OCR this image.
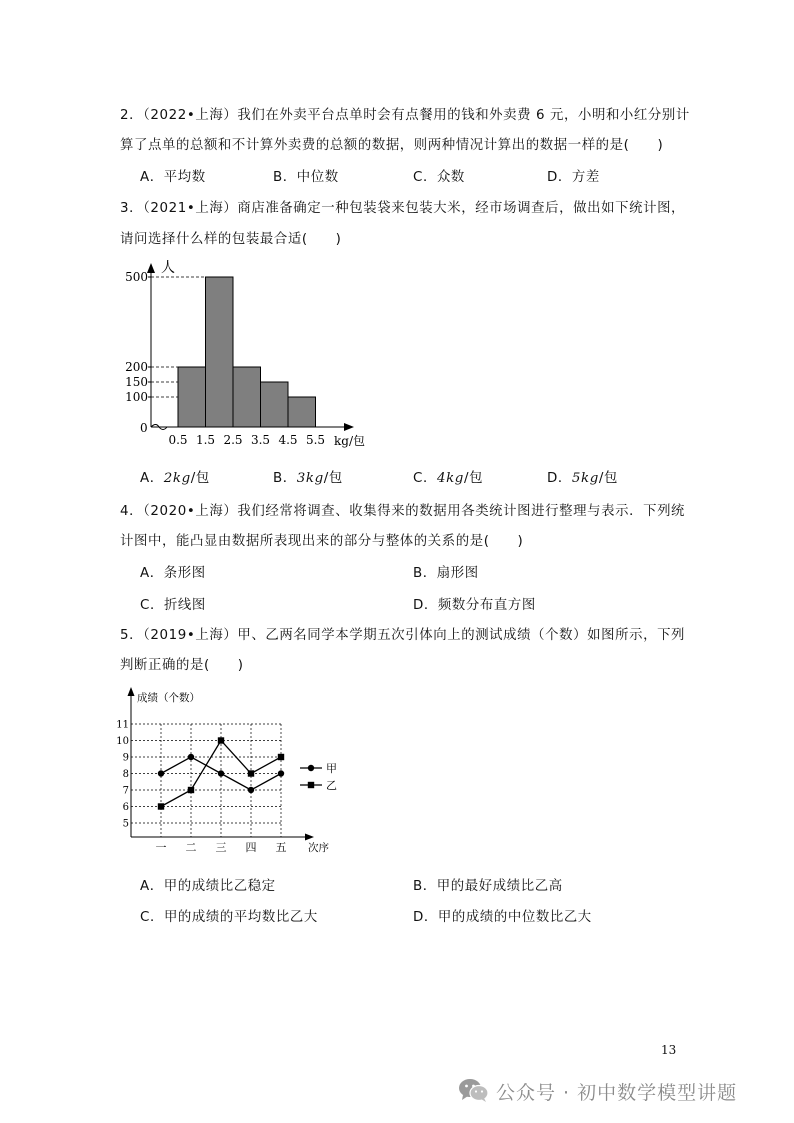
2．（2022•上海）我们在外卖平台点单时会有点餐用的钱和外卖费 6 元，小明和小红分别计
算了点单的总额和不计算外卖费的总额的数据，则两种情况计算出的数据一样的是(　　)
A．平均数	B．中位数	C．众数	D．方差
3．（2021•上海）商店准备确定一种包装袋来包装大米，经市场调查后，做出如下统计图，
请问选择什么样的包装最合适(　　)
0
100
150
200
500
0.5 1.5 2.5 3.5 4.5 5.5
人
kg/包
A．2kg/包	B．3kg/包	C．4kg/包	D．5kg/包
4．（2020•上海）我们经常将调查、收集得来的数据用各类统计图进行整理与表示．下列统
计图中，能凸显由数据所表现出来的部分与整体的关系的是(　　)
A．条形图	B．扇形图
C．折线图	D．频数分布直方图
5．（2019•上海）甲、乙两名同学本学期五次引体向上的测试成绩（个数）如图所示，下列
判断正确的是(　　)
5
6
7
8
9
10
11
一 二 三 四 五
成绩（个数）
次序
甲
乙
A．甲的成绩比乙稳定	B．甲的最好成绩比乙高
C．甲的成绩的平均数比乙大	D．甲的成绩的中位数比乙大
13
公众号 · 初中数学模型讲题
